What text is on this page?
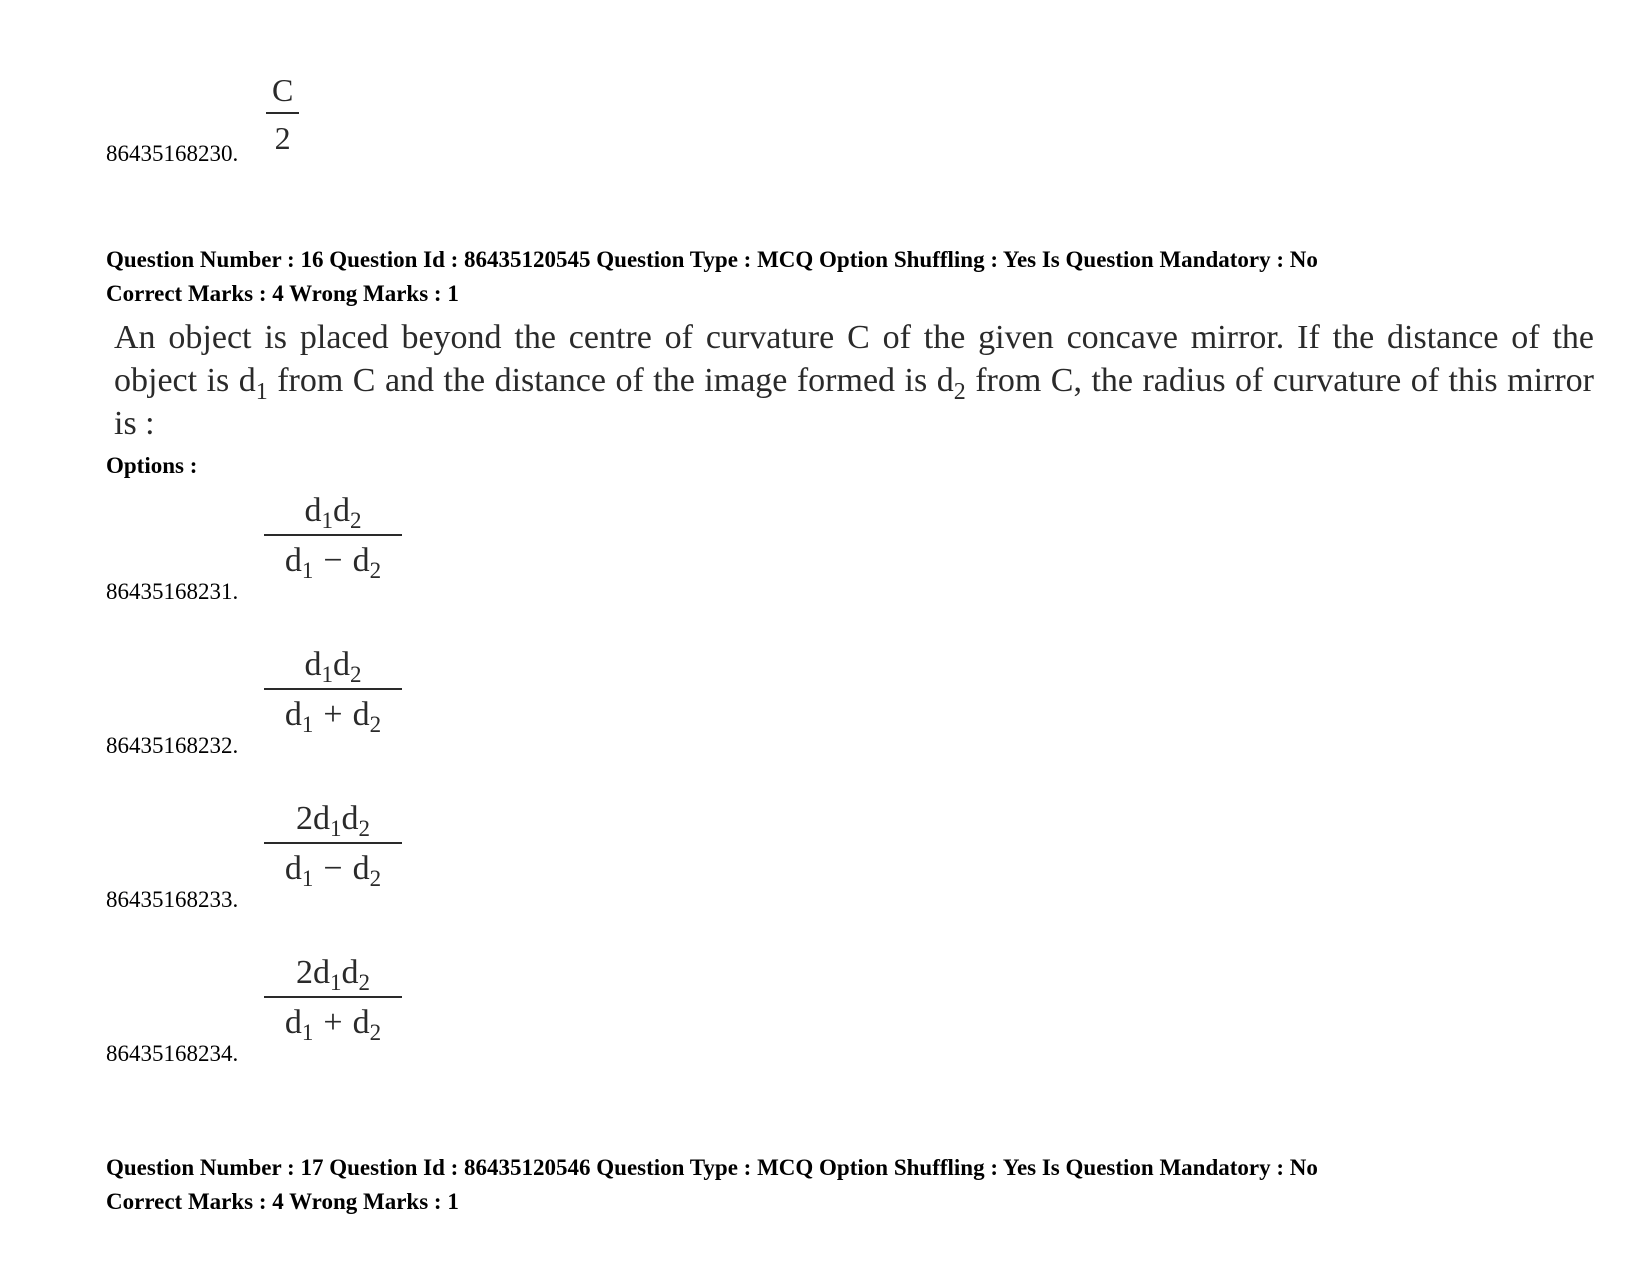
86435168230.
C
2
Question Number : 16 Question Id : 86435120545 Question Type : MCQ Option Shuffling : Yes Is Question Mandatory : No
Correct Marks : 4 Wrong Marks : 1
An object is placed beyond the centre of curvature C of the given concave mirror. If the distance of the object is $d_1$ from C and the distance of the image formed is $d_2$ from C, the radius of curvature of this mirror is :
Options :
86435168231.
$d_1d_2$
$d_1 - d_2$
86435168232.
$d_1d_2$
$d_1 + d_2$
86435168233.
$2d_1d_2$
$d_1 - d_2$
86435168234.
$2d_1d_2$
$d_1 + d_2$
Question Number : 17 Question Id : 86435120546 Question Type : MCQ Option Shuffling : Yes Is Question Mandatory : No
Correct Marks : 4 Wrong Marks : 1
